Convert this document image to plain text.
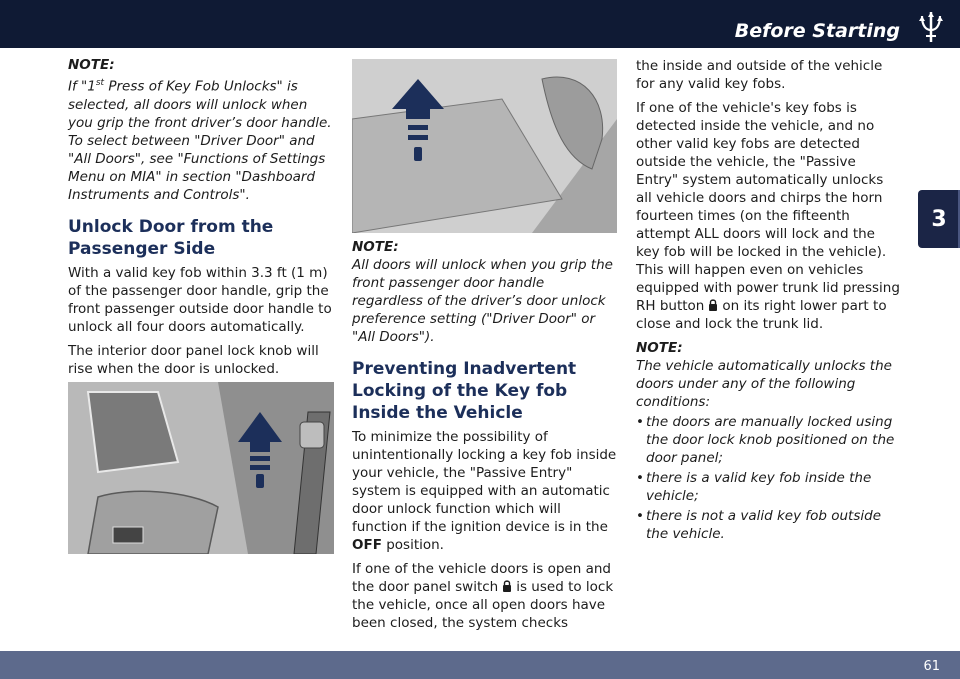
Before Starting
3

NOTE:

If "1st Press of Key Fob Unlocks" is selected, all doors will unlock when you grip the front driver’s door handle. To select between "Driver Door" and "All Doors", see "Functions of Settings Menu on MIA" in section "Dashboard Instruments and Controls".

Unlock Door from the Passenger Side

With a valid key fob within 3.3 ft (1 m) of the passenger door handle, grip the front passenger outside door handle to unlock all four doors automatically.

The interior door panel lock knob will rise when the door is unlocked.

NOTE:

All doors will unlock when you grip the front passenger door handle regardless of the driver’s door unlock preference setting ("Driver Door" or "All Doors").

Preventing Inadvertent Locking of the Key fob Inside the Vehicle

To minimize the possibility of unintentionally locking a key fob inside your vehicle, the "Passive Entry" system is equipped with an automatic door unlock function which will function if the ignition device is in the OFF position.

If one of the vehicle doors is open and the door panel switch is used to lock the vehicle, once all open doors have been closed, the system checks

the inside and outside of the vehicle for any valid key fobs.

If one of the vehicle's key fobs is detected inside the vehicle, and no other valid key fobs are detected outside the vehicle, the "Passive Entry" system automatically unlocks all vehicle doors and chirps the horn fourteen times (on the fifteenth attempt ALL doors will lock and the key fob will be locked in the vehicle). This will happen even on vehicles equipped with power trunk lid pressing RH button on its right lower part to close and lock the trunk lid.

NOTE:

The vehicle automatically unlocks the doors under any of the following conditions:

• the doors are manually locked using the door lock knob positioned on the door panel;
• there is a valid key fob inside the vehicle;
• there is not a valid key fob outside the vehicle.
61
